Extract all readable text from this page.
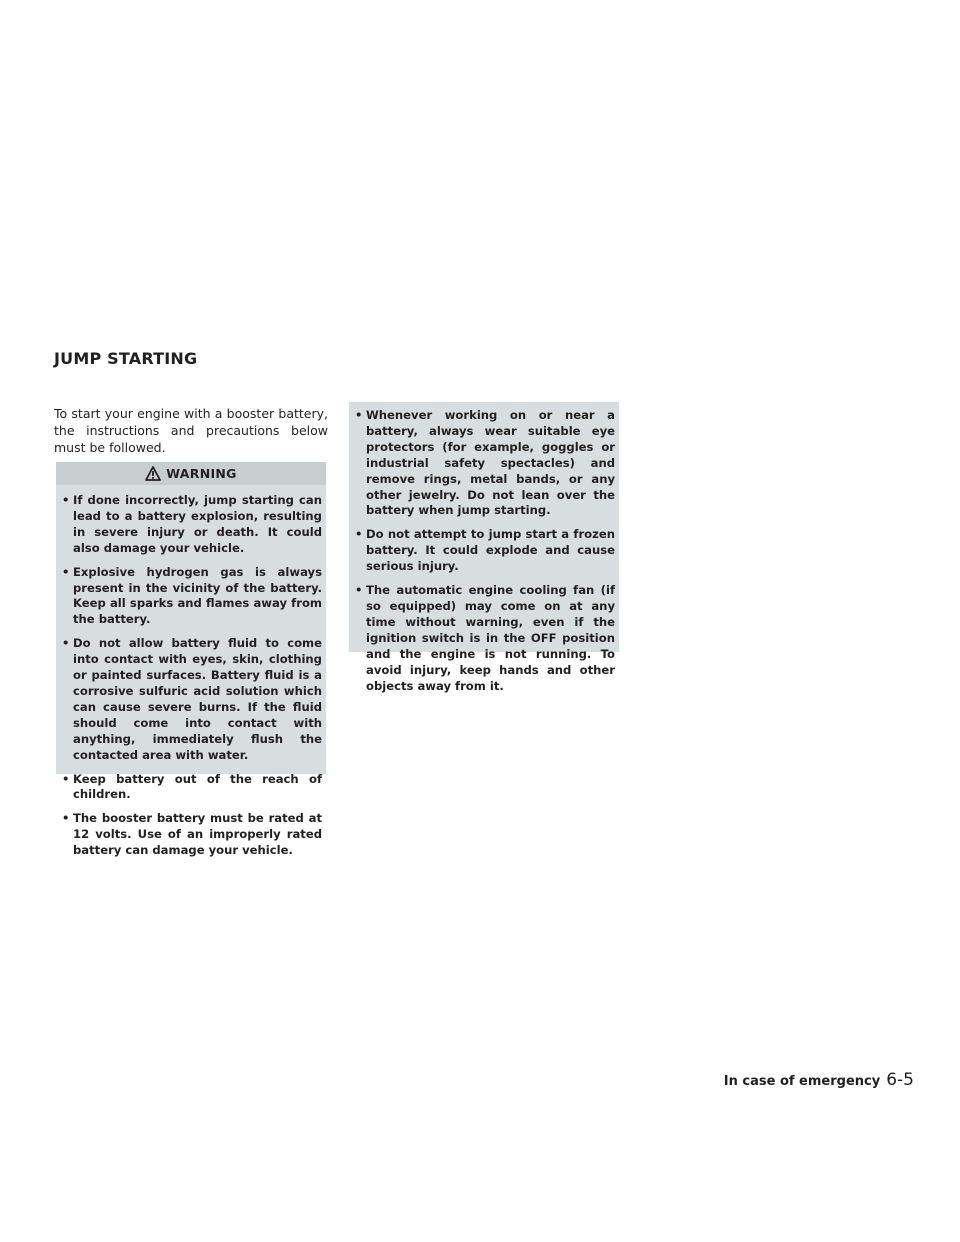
JUMP STARTING

To start your engine with a booster battery, the instructions and precautions below must be followed.

WARNING
• If done incorrectly, jump starting can lead to a battery explosion, resulting in severe injury or death. It could also damage your vehicle.
• Explosive hydrogen gas is always present in the vicinity of the battery. Keep all sparks and flames away from the battery.
• Do not allow battery fluid to come into contact with eyes, skin, clothing or painted surfaces. Battery fluid is a corrosive sulfuric acid solution which can cause severe burns. If the fluid should come into contact with anything, immediately flush the contacted area with water.
• Keep battery out of the reach of children.
• The booster battery must be rated at 12 volts. Use of an improperly rated battery can damage your vehicle.
• Whenever working on or near a battery, always wear suitable eye protectors (for example, goggles or industrial safety spectacles) and remove rings, metal bands, or any other jewelry. Do not lean over the battery when jump starting.
• Do not attempt to jump start a frozen battery. It could explode and cause serious injury.
• The automatic engine cooling fan (if so equipped) may come on at any time without warning, even if the ignition switch is in the OFF position and the engine is not running. To avoid injury, keep hands and other objects away from it.
In case of emergency 6-5
